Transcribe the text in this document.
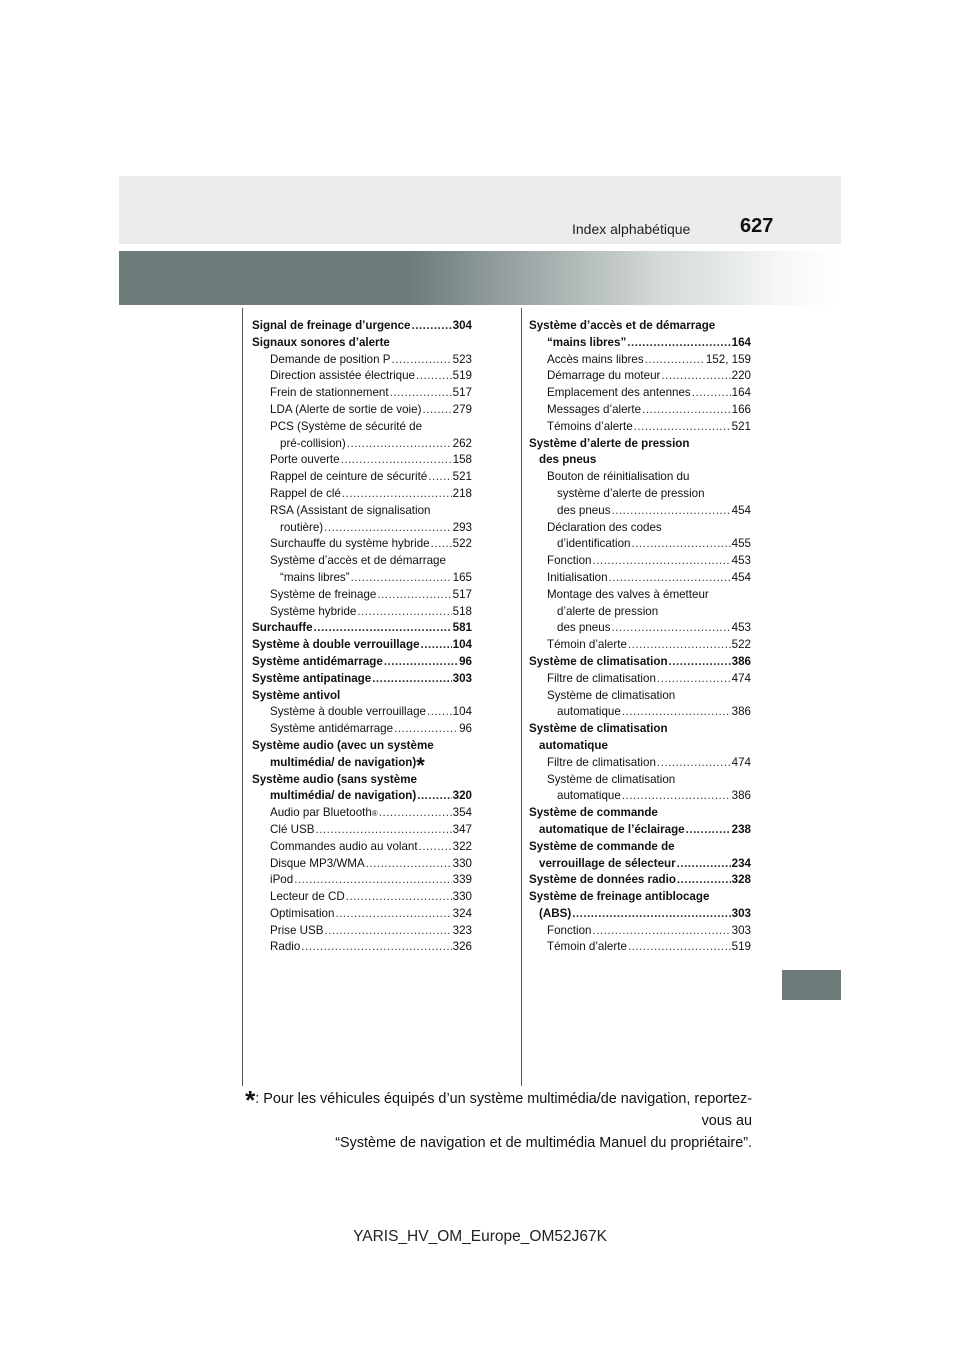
Index alphabétique 627
Signal de freinage d’urgence .....	304
Signaux sonores d’alerte
Demande de position P .....	523
Direction assistée électrique .....	519
Frein de stationnement .....	517
LDA (Alerte de sortie de voie) .....	279
PCS (Système de sécurité de
pré-collision) .....	262
Porte ouverte .....	158
Rappel de ceinture de sécurité ..... 521
Rappel de clé .....	218
RSA (Assistant de signalisation
routière) .....	293
Surchauffe du système hybride ..... 522
Système d’accès et de démarrage
“mains libres” .....	165
Système de freinage .....	517
Système hybride .....	518
Surchauffe .....	581
Système à double verrouillage .....	104
Système antidémarrage .....	96
Système antipatinage .....	303
Système antivol
Système à double verrouillage ..... 104
Système antidémarrage .....	96
Système audio (avec un système
multimédia/ de navigation) *
Système audio (sans système
multimédia/ de navigation) .....	320
Audio par Bluetooth ® .....	354
Clé USB .....	347
Commandes audio au volant .....	322
Disque MP3/WMA .....	330
iPod .....	339
Lecteur de CD .....	330
Optimisation .....	324
Prise USB .....	323
Radio .....	326
Système d’accès et de démarrage
“mains libres” .....	164
Accès mains libres .....	152, 159
Démarrage du moteur .....	220
Emplacement des antennes .....	164
Messages d’alerte .....	166
Témoins d’alerte .....	521
Système d’alerte de pression
des pneus
Bouton de réinitialisation du
système d’alerte de pression
des pneus .....	454
Déclaration des codes
d’identification .....	455
Fonction .....	453
Initialisation .....	454
Montage des valves à émetteur
d’alerte de pression
des pneus .....	453
Témoin d’alerte .....	522
Système de climatisation .....	386
Filtre de climatisation .....	474
Système de climatisation
automatique .....	386
Système de climatisation
automatique
Filtre de climatisation .....	474
Système de climatisation
automatique .....	386
Système de commande
automatique de l’éclairage .....	238
Système de commande de
verrouillage de sélecteur .....	234
Système de données radio .....	328
Système de freinage antiblocage
(ABS) .....	303
Fonction .....	303
Témoin d’alerte .....	519
*: Pour les véhicules équipés d’un système multimédia/de navigation, reportez-vous au
“Système de navigation et de multimédia Manuel du propriétaire”.
YARIS_HV_OM_Europe_OM52J67K
